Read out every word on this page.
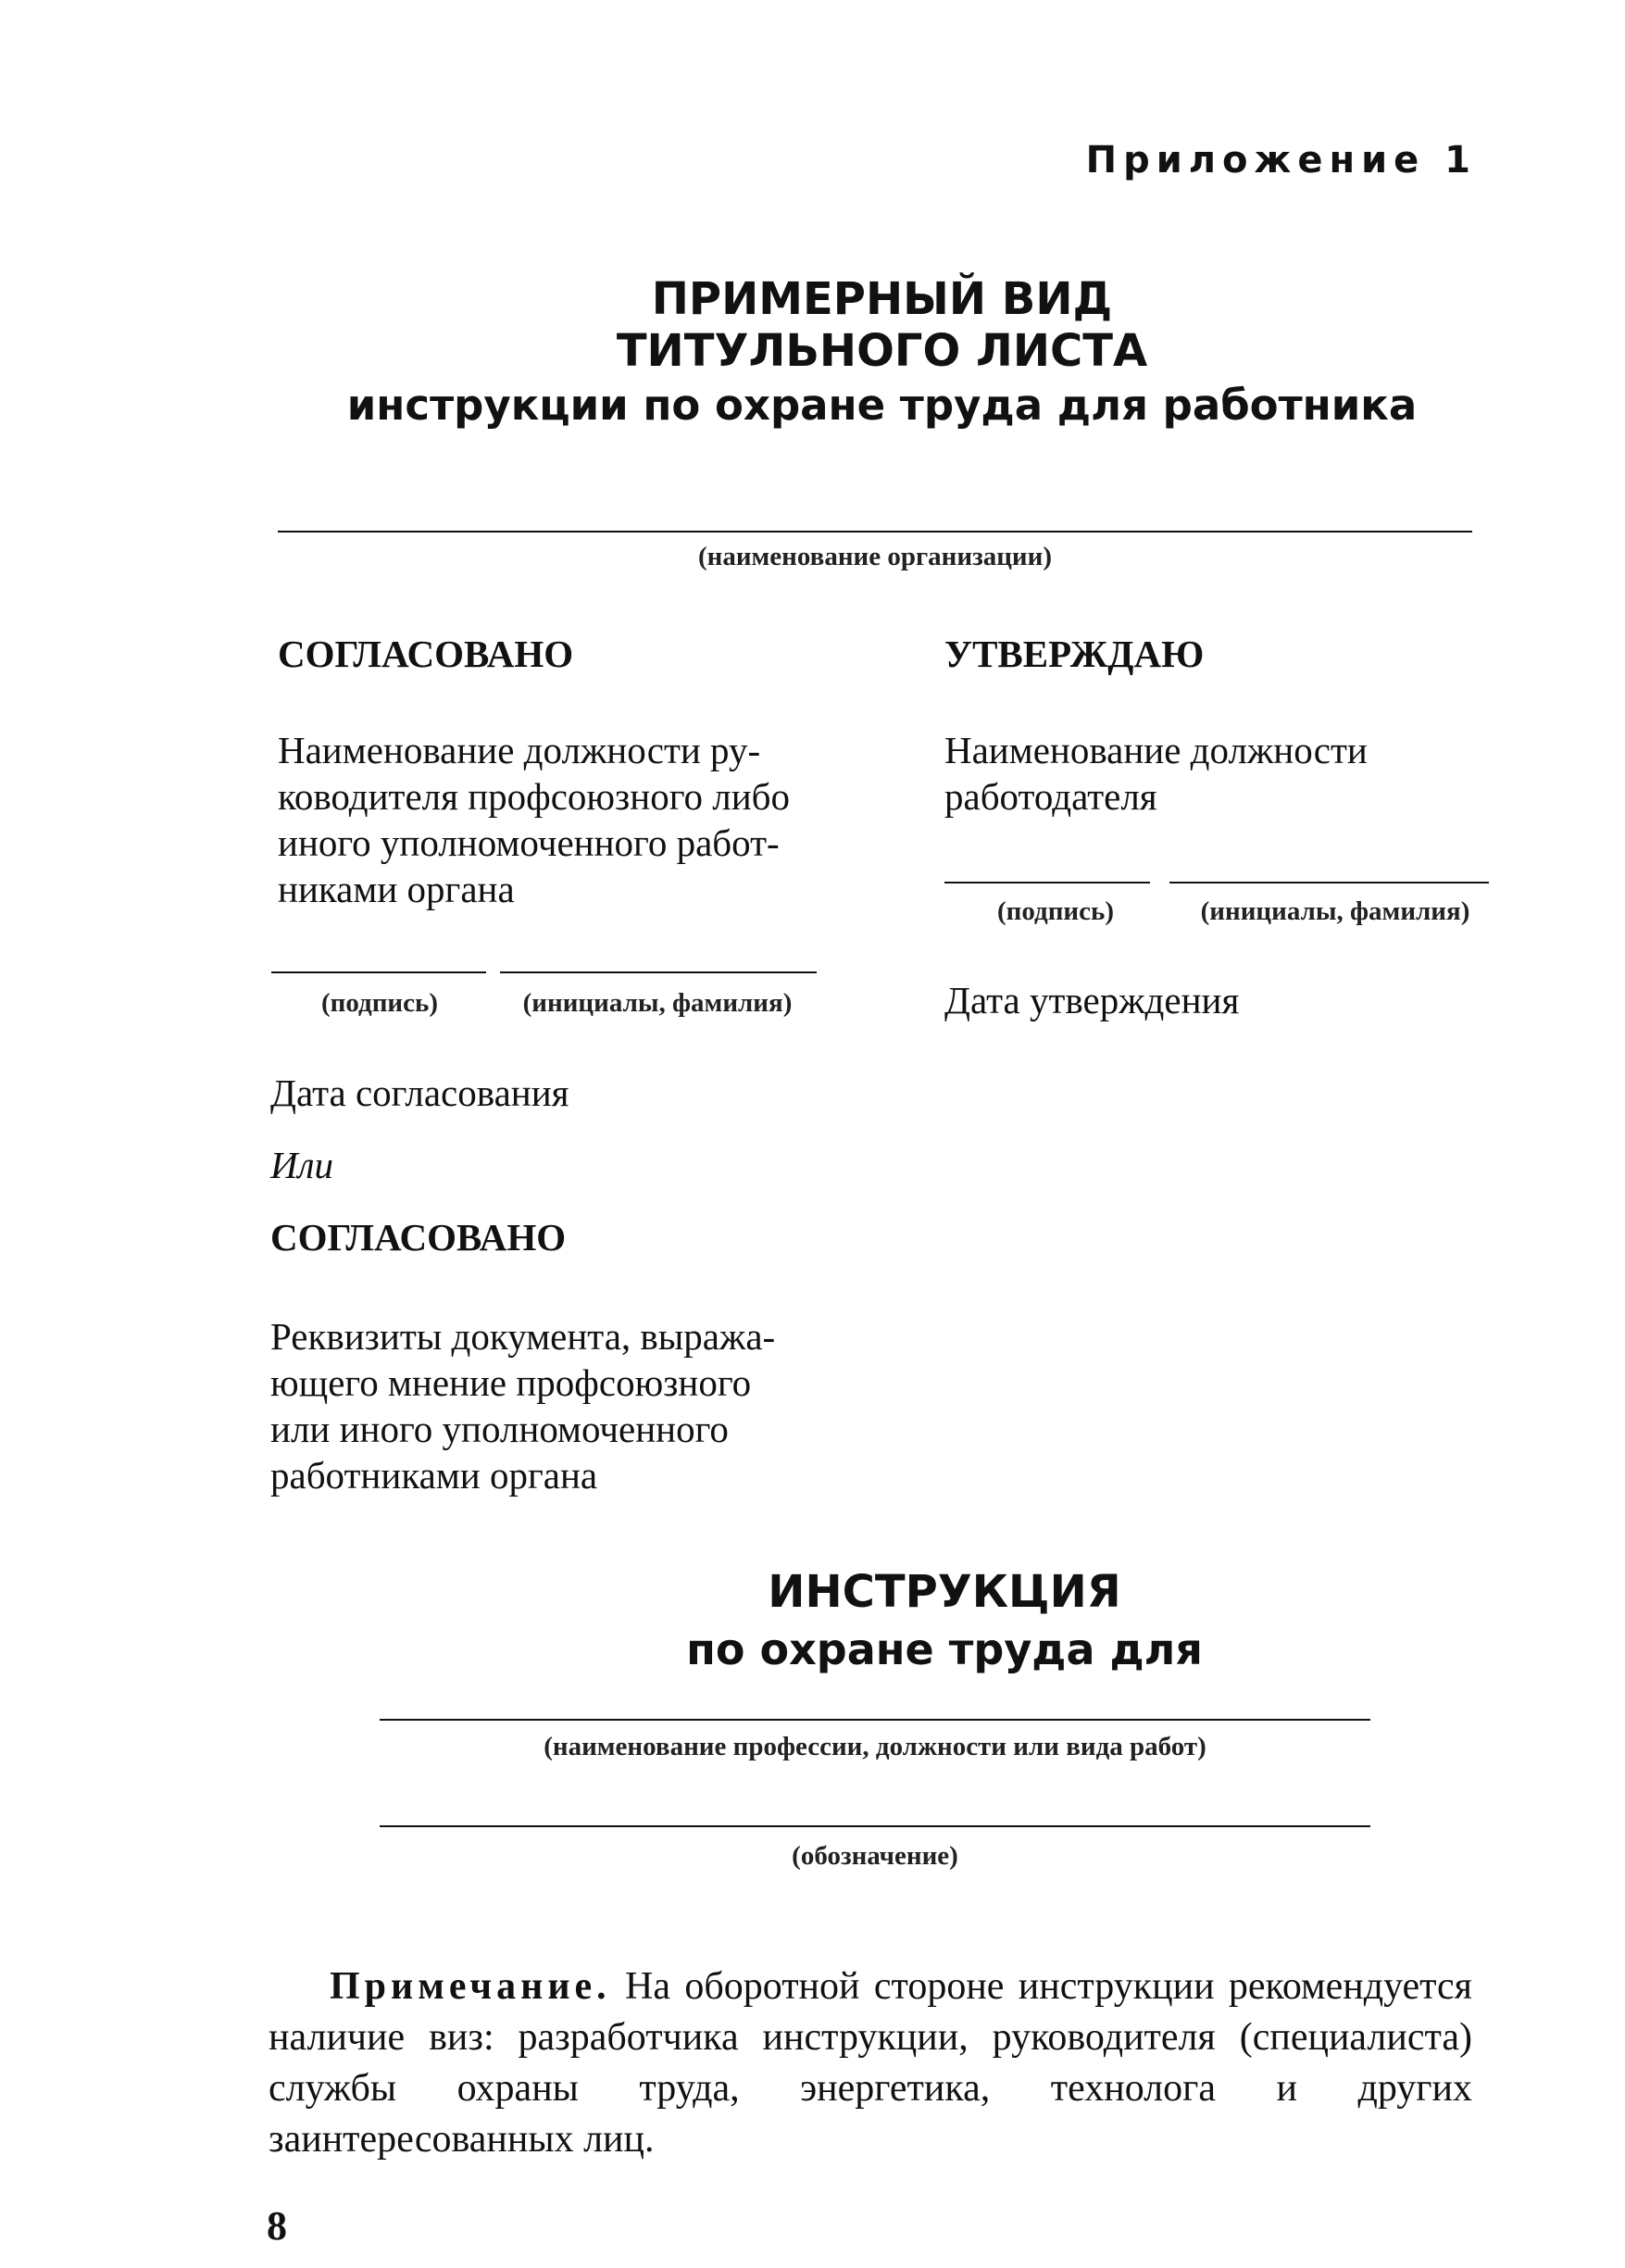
Приложение 1
ПРИМЕРНЫЙ ВИД
ТИТУЛЬНОГО ЛИСТА
инструкции по охране труда для работника
(наименование организации)
СОГЛАСОВАНО
Наименование должности ру-
ководителя профсоюзного либо
иного уполномоченного работ-
никами органа
(подпись)	(инициалы, фамилия)
Дата согласования
Или
СОГЛАСОВАНО
Реквизиты документа, выража-
ющего мнение профсоюзного
или иного уполномоченного
работниками органа
УТВЕРЖДАЮ
Наименование должности
работодателя
(подпись)	(инициалы, фамилия)
Дата утверждения
ИНСТРУКЦИЯ
по охране труда для
(наименование профессии, должности или вида работ)
(обозначение)
Примечание. На оборотной стороне инструкции рекомендуется наличие виз: разработчика инструкции, руководителя (специалиста) службы охраны труда, энергетика, технолога и других заинтересованных лиц.
8
